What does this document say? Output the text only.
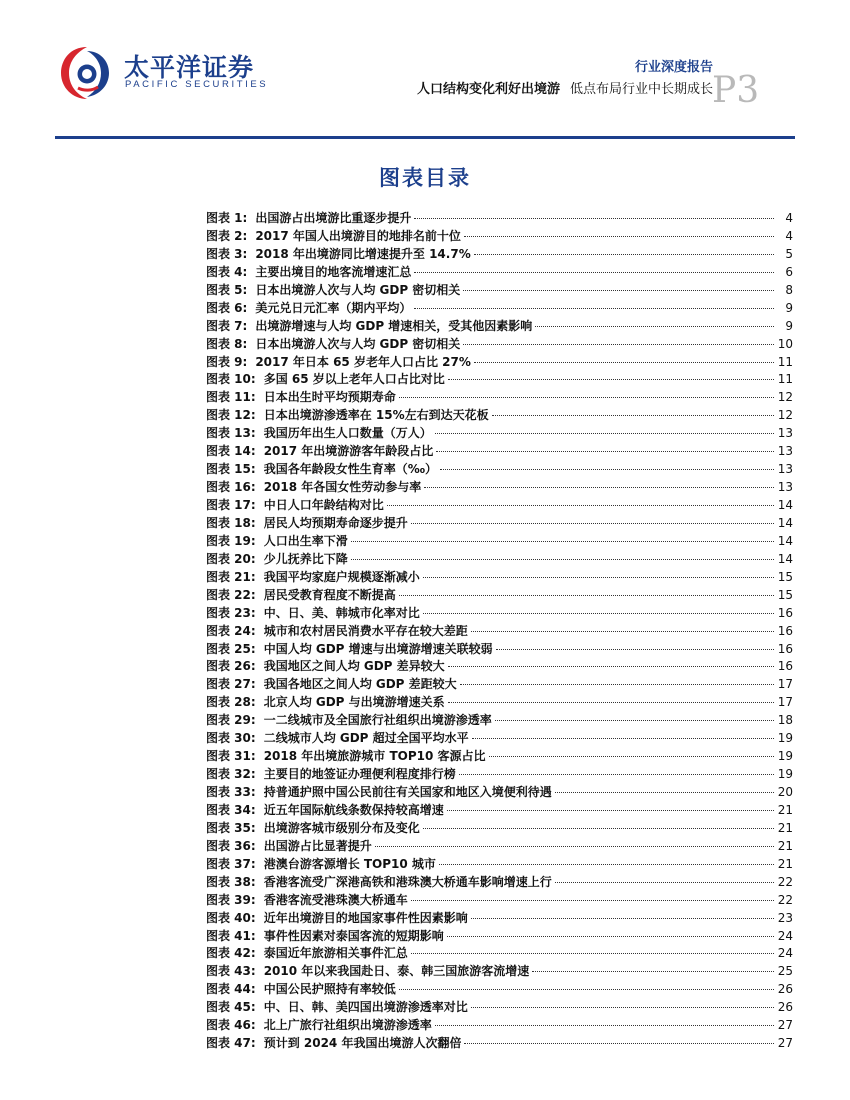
太平洋证券
PACIFIC SECURITIES
行业深度报告
人口结构变化利好出境游 低点布局行业中长期成长 P3
图表目录
图表 1: 出国游占出境游比重逐步提升	4
图表 2: 2017 年国人出境游目的地排名前十位	4
图表 3: 2018 年出境游同比增速提升至 14.7%	5
图表 4: 主要出境目的地客流增速汇总	6
图表 5: 日本出境游人次与人均 GDP 密切相关	8
图表 6: 美元兑日元汇率（期内平均）	9
图表 7: 出境游增速与人均 GDP 增速相关，受其他因素影响	9
图表 8: 日本出境游人次与人均 GDP 密切相关	10
图表 9: 2017 年日本 65 岁老年人口占比 27%	11
图表 10: 多国 65 岁以上老年人口占比对比	11
图表 11: 日本出生时平均预期寿命	12
图表 12: 日本出境游渗透率在 15%左右到达天花板	12
图表 13: 我国历年出生人口数量（万人）	13
图表 14: 2017 年出境游游客年龄段占比	13
图表 15: 我国各年龄段女性生育率（‰）	13
图表 16: 2018 年各国女性劳动参与率	13
图表 17: 中日人口年龄结构对比	14
图表 18: 居民人均预期寿命逐步提升	14
图表 19: 人口出生率下滑	14
图表 20: 少儿抚养比下降	14
图表 21: 我国平均家庭户规模逐渐减小	15
图表 22: 居民受教育程度不断提高	15
图表 23: 中、日、美、韩城市化率对比	16
图表 24: 城市和农村居民消费水平存在较大差距	16
图表 25: 中国人均 GDP 增速与出境游增速关联较弱	16
图表 26: 我国地区之间人均 GDP 差异较大	16
图表 27: 我国各地区之间人均 GDP 差距较大	17
图表 28: 北京人均 GDP 与出境游增速关系	17
图表 29: 一二线城市及全国旅行社组织出境游渗透率	18
图表 30: 二线城市人均 GDP 超过全国平均水平	19
图表 31: 2018 年出境旅游城市 TOP10 客源占比	19
图表 32: 主要目的地签证办理便利程度排行榜	19
图表 33: 持普通护照中国公民前往有关国家和地区入境便利待遇	20
图表 34: 近五年国际航线条数保持较高增速	21
图表 35: 出境游客城市级别分布及变化	21
图表 36: 出国游占比显著提升	21
图表 37: 港澳台游客源增长 TOP10 城市	21
图表 38: 香港客流受广深港高铁和港珠澳大桥通车影响增速上行	22
图表 39: 香港客流受港珠澳大桥通车	22
图表 40: 近年出境游目的地国家事件性因素影响	23
图表 41: 事件性因素对泰国客流的短期影响	24
图表 42: 泰国近年旅游相关事件汇总	24
图表 43: 2010 年以来我国赴日、泰、韩三国旅游客流增速	25
图表 44: 中国公民护照持有率较低	26
图表 45: 中、日、韩、美四国出境游渗透率对比	26
图表 46: 北上广旅行社组织出境游渗透率	27
图表 47: 预计到 2024 年我国出境游人次翻倍	27
